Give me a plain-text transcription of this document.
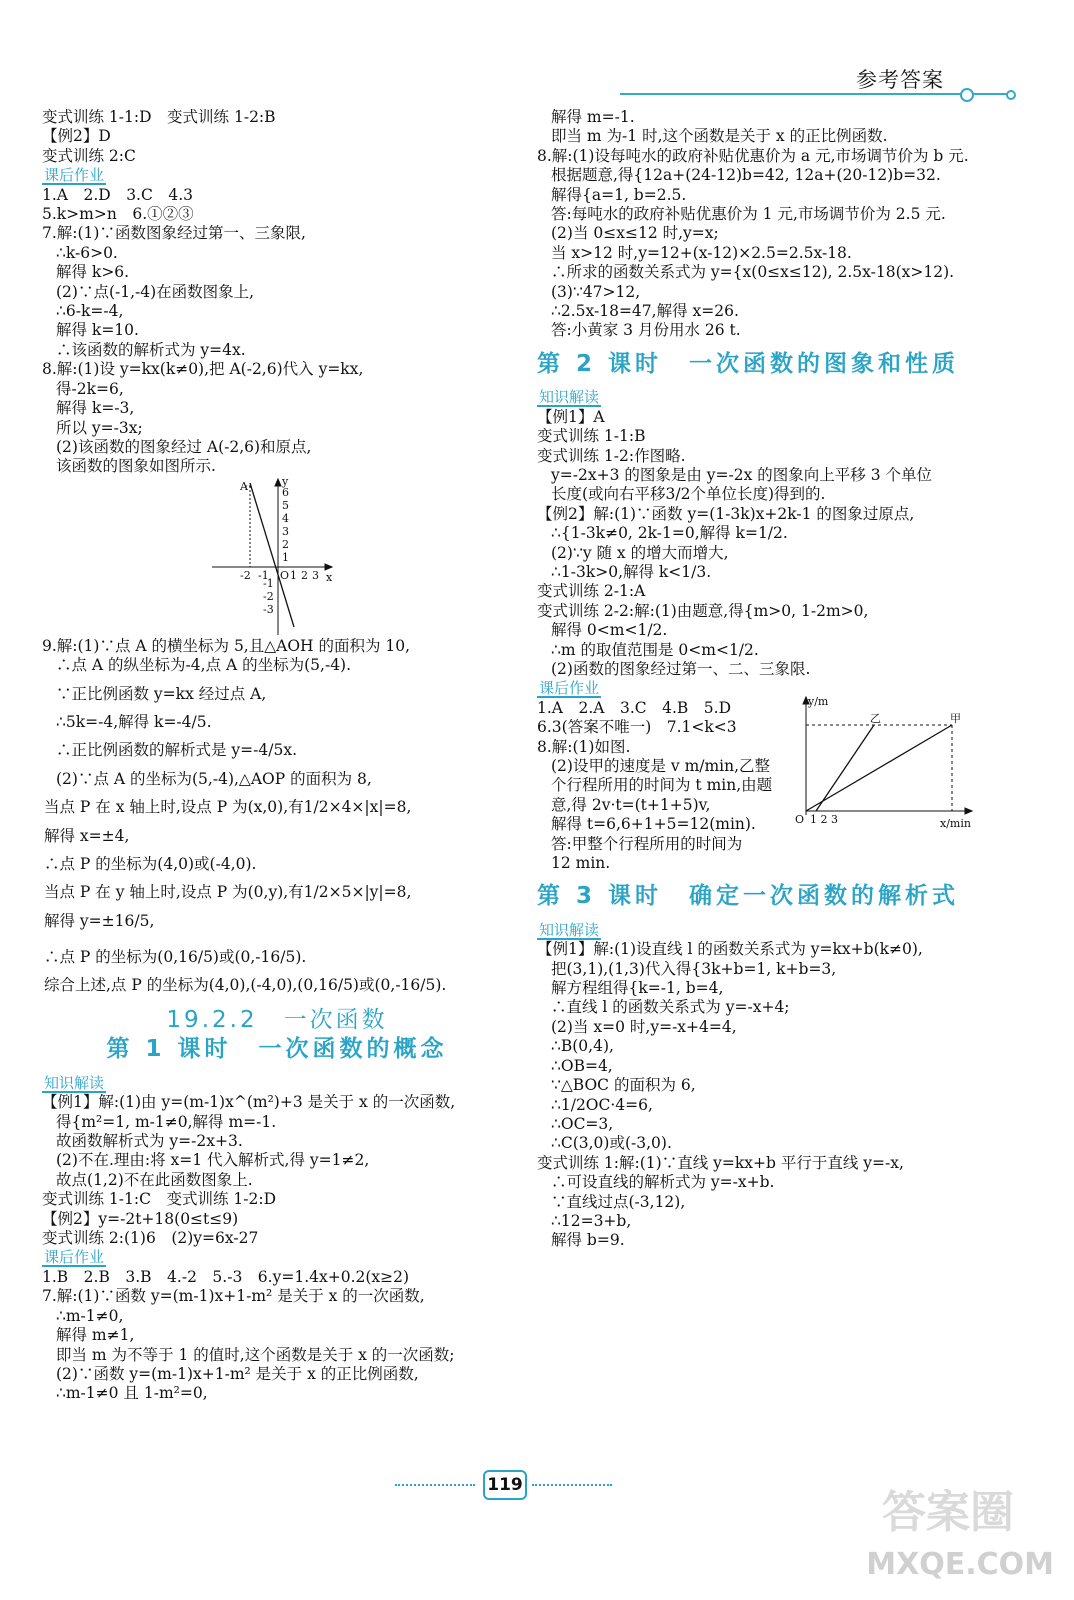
参考答案
变式训练 1-1:D　变式训练 1-2:B
【例2】D
变式训练 2:C
课后作业
1.A　2.D　3.C　4.3
5.k>m>n　6.①②③
7.解:(1)∵函数图象经过第一、三象限,
∴k-6>0.
解得 k>6.
(2)∵点(-1,-4)在函数图象上,
∴6-k=-4,
解得 k=10.
∴该函数的解析式为 y=4x.
8.解:(1)设 y=kx(k≠0),把 A(-2,6)代入 y=kx,
得-2k=6,
解得 k=-3,
所以 y=-3x;
(2)该函数的图象经过 A(-2,6)和原点,
该函数的图象如图所示.
A	y
x
O
6
5
4
3
2
1
-1
-2
-3
-2 -1 1 2 3
9.解:(1)∵点 A 的横坐标为 5,且△AOH 的面积为 10,
∴点 A 的纵坐标为-4,点 A 的坐标为(5,-4).
∵正比例函数 y=kx 经过点 A,
∴5k=-4,解得 k=-4/5.
∴正比例函数的解析式是 y=-4/5x.
(2)∵点 A 的坐标为(5,-4),△AOP 的面积为 8,
当点 P 在 x 轴上时,设点 P 为(x,0),有1/2×4×|x|=8,
解得 x=±4,
∴点 P 的坐标为(4,0)或(-4,0).
当点 P 在 y 轴上时,设点 P 为(0,y),有1/2×5×|y|=8,
解得 y=±16/5,
∴点 P 的坐标为(0,16/5)或(0,-16/5).
综合上述,点 P 的坐标为(4,0),(-4,0),(0,16/5)或(0,-16/5).
19.2.2　一次函数
第 1 课时　一次函数的概念
知识解读
【例1】解:(1)由 y=(m-1)x^(m²)+3 是关于 x 的一次函数,
得{m²=1, m-1≠0,解得 m=-1.
故函数解析式为 y=-2x+3.
(2)不在.理由:将 x=1 代入解析式,得 y=1≠2,
故点(1,2)不在此函数图象上.
变式训练 1-1:C　变式训练 1-2:D
【例2】y=-2t+18(0≤t≤9)
变式训练 2:(1)6　(2)y=6x-27
课后作业
1.B　2.B　3.B　4.-2　5.-3　6.y=1.4x+0.2(x≥2)
7.解:(1)∵函数 y=(m-1)x+1-m² 是关于 x 的一次函数,
∴m-1≠0,
解得 m≠1,
即当 m 为不等于 1 的值时,这个函数是关于 x 的一次函数;
(2)∵函数 y=(m-1)x+1-m² 是关于 x 的正比例函数,
∴m-1≠0 且 1-m²=0,
解得 m=-1.
即当 m 为-1 时,这个函数是关于 x 的正比例函数.
8.解:(1)设每吨水的政府补贴优惠价为 a 元,市场调节价为 b 元.
根据题意,得{12a+(24-12)b=42, 12a+(20-12)b=32.
解得{a=1, b=2.5.
答:每吨水的政府补贴优惠价为 1 元,市场调节价为 2.5 元.
(2)当 0≤x≤12 时,y=x;
当 x>12 时,y=12+(x-12)×2.5=2.5x-18.
∴所求的函数关系式为 y={x(0≤x≤12), 2.5x-18(x>12).
(3)∵47>12,
∴2.5x-18=47,解得 x=26.
答:小黄家 3 月份用水 26 t.
第 2 课时　一次函数的图象和性质
知识解读
【例1】A
变式训练 1-1:B
变式训练 1-2:作图略.
y=-2x+3 的图象是由 y=-2x 的图象向上平移 3 个单位
长度(或向右平移3/2个单位长度)得到的.
【例2】解:(1)∵函数 y=(1-3k)x+2k-1 的图象过原点,
∴{1-3k≠0, 2k-1=0,解得 k=1/2.
(2)∵y 随 x 的增大而增大,
∴1-3k>0,解得 k<1/3.
变式训练 2-1:A
变式训练 2-2:解:(1)由题意,得{m>0, 1-2m>0,
解得 0<m<1/2.
∴m 的取值范围是 0<m<1/2.
(2)函数的图象经过第一、二、三象限.
课后作业
1.A　2.A　3.C　4.B　5.D
6.3(答案不唯一)　7.1<k<3
8.解:(1)如图.
(2)设甲的速度是 v m/min,乙整
个行程所用的时间为 t min,由题
意,得 2v·t=(t+1+5)v,
解得 t=6,6+1+5=12(min).
答:甲整个行程所用的时间为
12 min.
y/m
x/min
O 1 2 3
乙	甲
第 3 课时　确定一次函数的解析式
知识解读
【例1】解:(1)设直线 l 的函数关系式为 y=kx+b(k≠0),
把(3,1),(1,3)代入得{3k+b=1, k+b=3,
解方程组得{k=-1, b=4,
∴直线 l 的函数关系式为 y=-x+4;
(2)当 x=0 时,y=-x+4=4,
∴B(0,4),
∴OB=4,
∵△BOC 的面积为 6,
∴1/2OC·4=6,
∴OC=3,
∴C(3,0)或(-3,0).
变式训练 1:解:(1)∵直线 y=kx+b 平行于直线 y=-x,
∴可设直线的解析式为 y=-x+b.
∵直线过点(-3,12),
∴12=3+b,
解得 b=9.
119
答案圈
MXQE.COM
